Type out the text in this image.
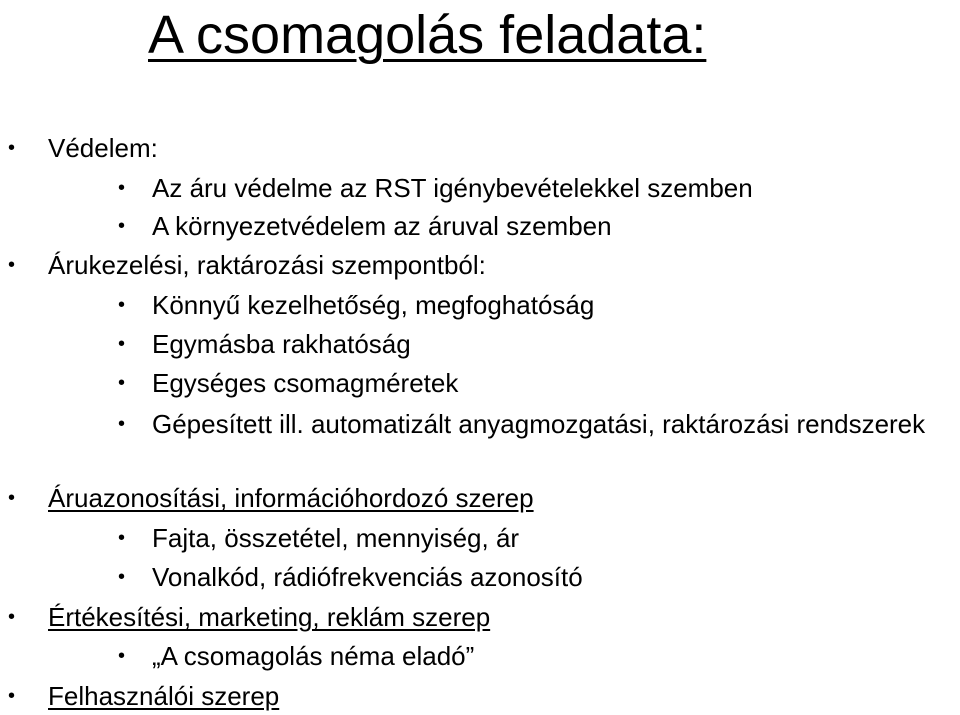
A csomagolás feladata:
• Védelem:
• Az áru védelme az RST igénybevételekkel szemben
• A környezetvédelem az áruval szemben
• Árukezelési, raktározási szempontból:
• Könnyű kezelhetőség, megfoghatóság
• Egymásba rakhatóság
• Egységes csomagméretek
• Gépesített ill. automatizált anyagmozgatási, raktározási rendszerek
• Áruazonosítási, információhordozó szerep
• Fajta, összetétel, mennyiség, ár
• Vonalkód, rádiófrekvenciás azonosító
• Értékesítési, marketing, reklám szerep
• „A csomagolás néma eladó”
• Felhasználói szerep
